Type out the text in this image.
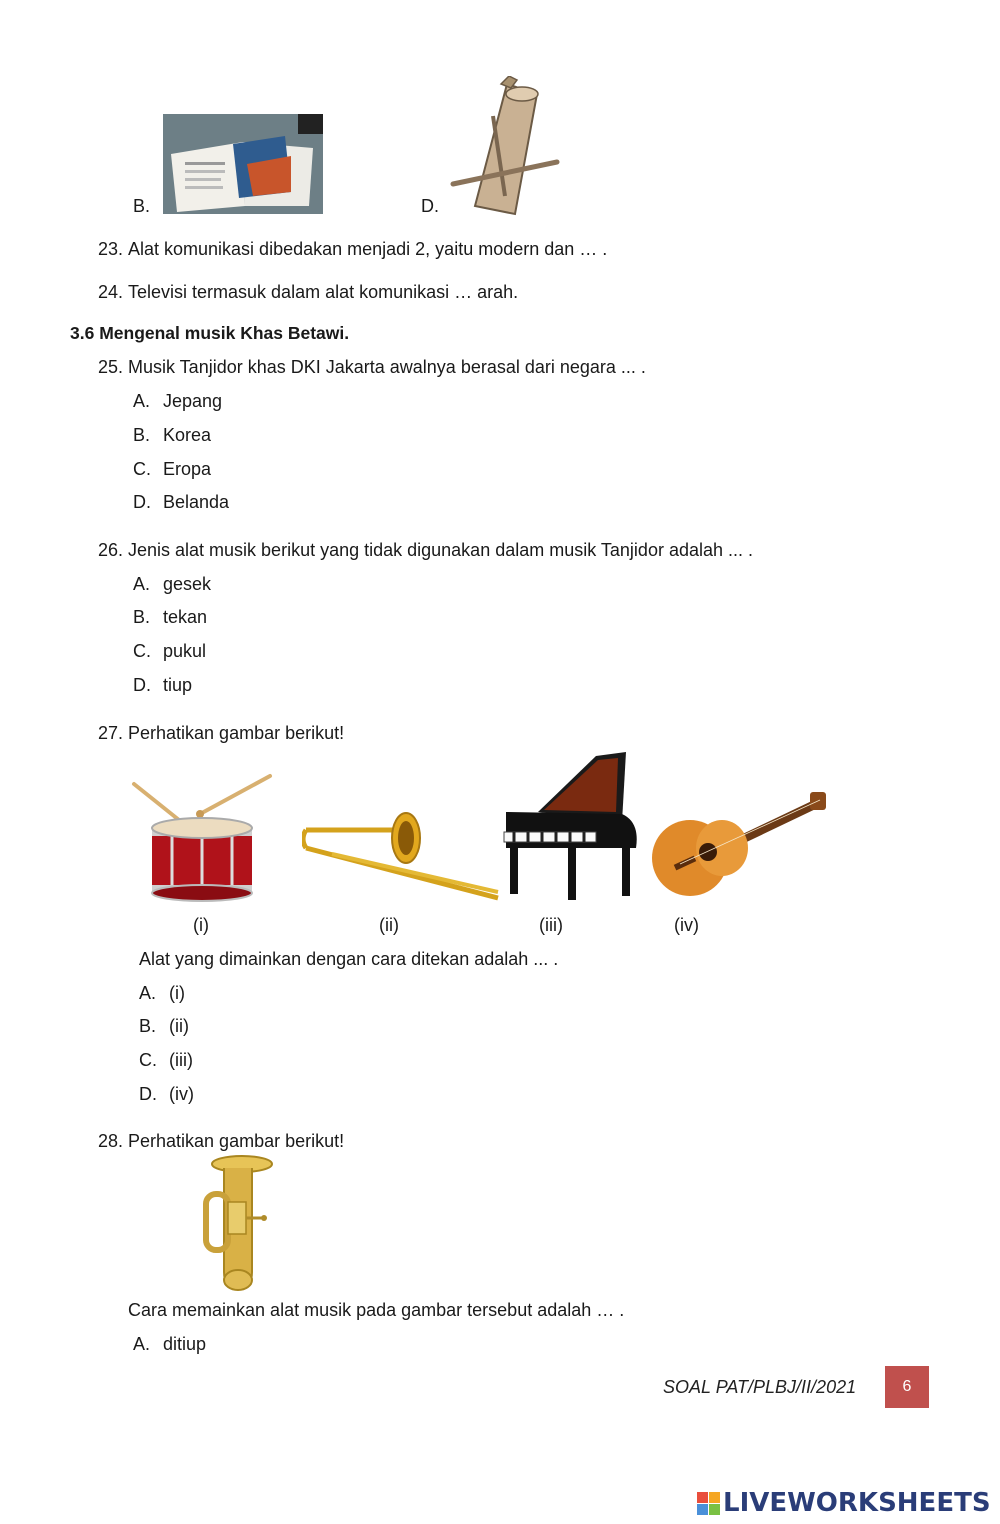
B.	D.
23. Alat komunikasi dibedakan menjadi 2, yaitu modern dan … .
24. Televisi termasuk dalam alat komunikasi … arah.
3.6 Mengenal musik Khas Betawi.
25. Musik Tanjidor khas DKI Jakarta awalnya berasal dari negara ... .
A. Jepang
B. Korea
C. Eropa
D. Belanda
26. Jenis alat musik berikut yang tidak digunakan dalam musik Tanjidor adalah ... .
A. gesek
B. tekan
C. pukul
D. tiup
27. Perhatikan gambar berikut!
(i)	(ii)	(iii)	(iv)
Alat yang dimainkan dengan cara ditekan adalah ... .
A. (i)
B. (ii)
C. (iii)
D. (iv)
28. Perhatikan gambar berikut!
Cara memainkan alat musik pada gambar tersebut adalah … .
A. ditiup
SOAL PAT/PLBJ/II/2021	6
LIVEWORKSHEETS
